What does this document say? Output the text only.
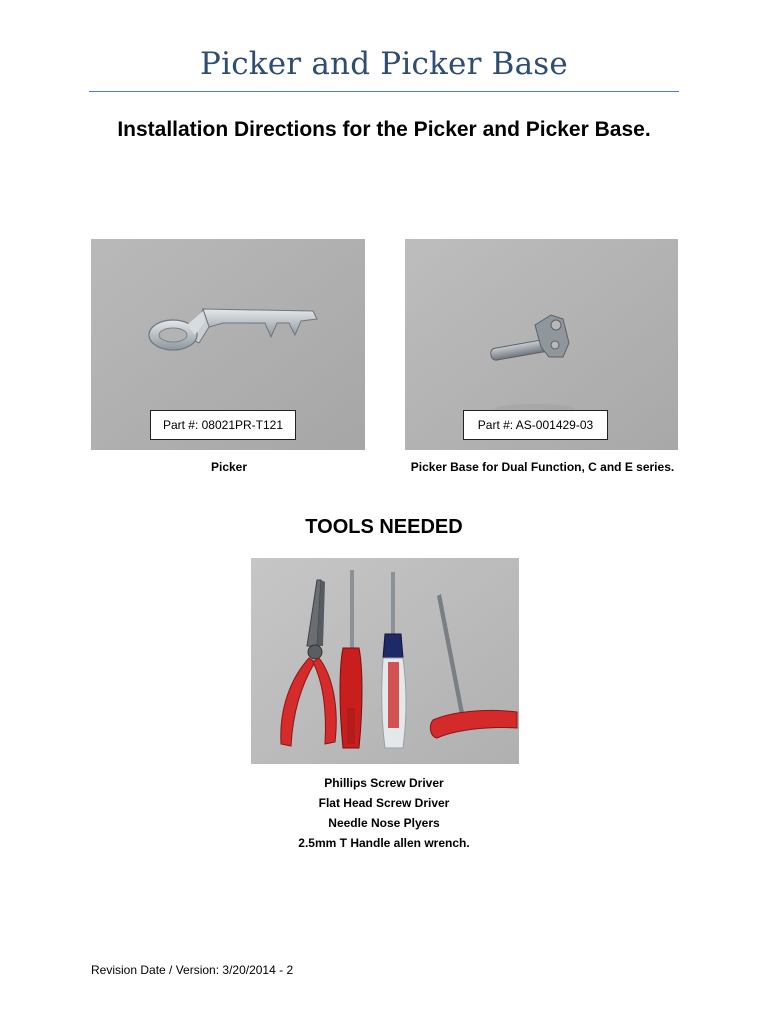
Picker and Picker Base
Installation Directions for the Picker and Picker Base.
Part #: 08021PR-T121
Picker
Part #: AS-001429-03
Picker Base for Dual Function, C and E series.
TOOLS NEEDED
Phillips Screw Driver
Flat Head Screw Driver
Needle Nose Plyers
2.5mm T Handle allen wrench.
Revision Date / Version: 3/20/2014 - 2
